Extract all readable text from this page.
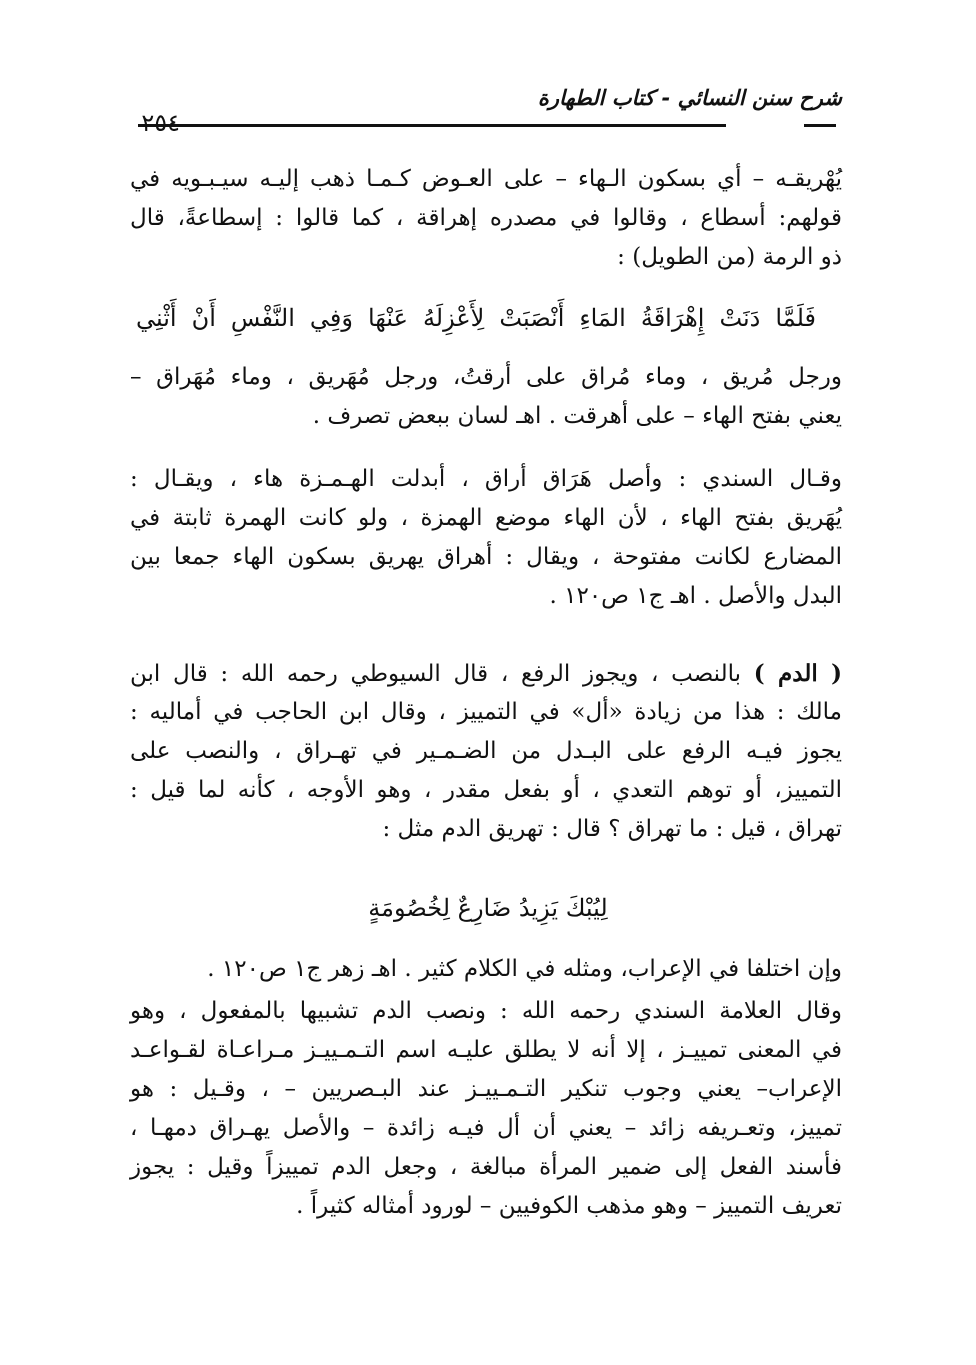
شرح سنن النسائي - كتاب الطهارة
٢٥٤
يُهْريقـه – أي بسكون الـهاء – على العـوض كـمـا ذهب إليـه سيـبـويه في
قولهم: أسطاع ، وقالوا في مصدره إهراقة ، كما قالوا : إسطاعةً، قال
ذو الرمة (من الطويل) :
فَلَمَّا دَنَتْ إِهْرَاقَةُ المَاءِ أَنْصَبَتْ لِأَعْزِلَهُ عَنْهَا وَفِي النَّفْسِ أَنْ أَثْنِي
ورجل مُريق ، وماء مُراق على أرقتُ، ورجل مُهَريق ، وماء مُهَراق –
يعني بفتح الهاء – على أهرقت . اهـ لسان ببعض تصرف .
وقـال السندي : وأصل هَرَاق أراق ، أبدلت الهـمـزة هاء ، ويقـال :
يُهَريق بفتح الهاء ، لأن الهاء موضع الهمزة ، ولو كانت الهمرة ثابتة في
المضارع لكانت مفتوحة ، ويقال : أهراق يهريق بسكون الهاء جمعا بين
البدل والأصل . اهـ ج١ ص١٢٠ .
( الدم ) بالنصب ، ويجوز الرفع ، قال السيوطي رحمه الله : قال ابن
مالك : هذا من زيادة «أل» في التمييز ، وقال ابن الحاجب في أماليه :
يجوز فيـه الرفع على البـدل من الضـمـير في تهـراق ، والنصب على
التمييز، أو توهم التعدي ، أو بفعل مقدر ، وهو الأوجه ، كأنه لما قيل :
تهراق ، قيل : ما تهراق ؟ قال : تهريق الدم مثل :
لِيُبْكَ يَزِيدُ ضَارِعٌ لِخُصُومَةٍ
وإن اختلفا في الإعراب، ومثله في الكلام كثير . اهـ زهر ج١ ص١٢٠ .
وقال العلامة السندي رحمه الله : ونصب الدم تشبيها بالمفعول ، وهو
في المعنى تمييـز ، إلا أنه لا يطلق عليـه اسم التـمـييـز مـراعـاة لقـواعـد
الإعراب– يعني وجوب تنكير التـمـييـز عند البـصريين – ، وقـيل : هو
تمييز، وتعـريفه زائد – يعني أن أل فيـه زائدة – والأصل يهـراق دمهـا ،
فأسند الفعل إلى ضمير المرأة مبالغة ، وجعل الدم تمييزاً وقيل : يجوز
تعريف التمييز – وهو مذهب الكوفيين – لورود أمثاله كثيراً .
